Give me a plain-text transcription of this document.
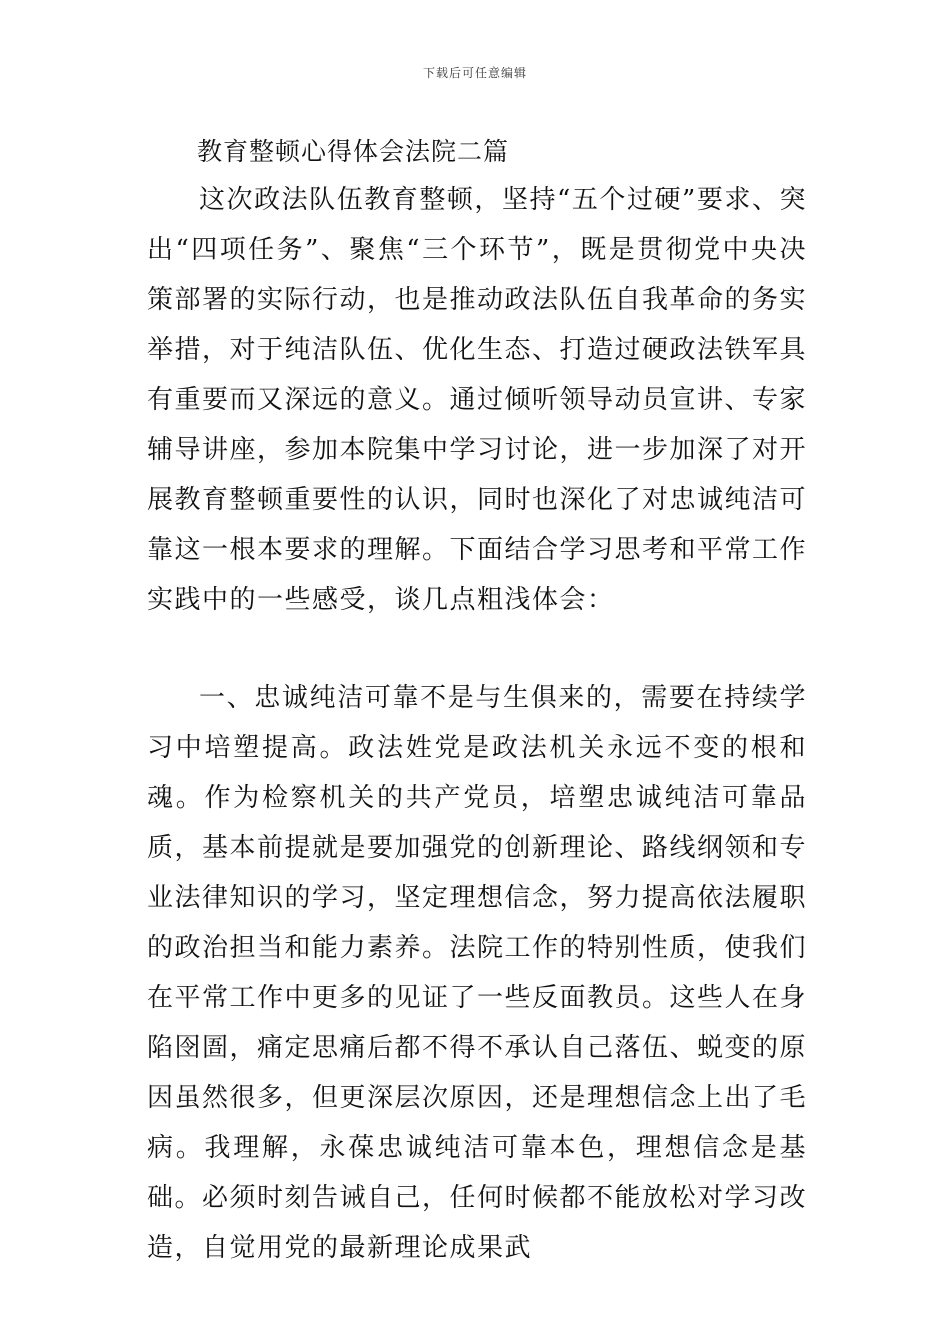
下载后可任意编辑
教育整顿心得体会法院二篇

这次政法队伍教育整顿，坚持“五个过硬”要求、突出“四项任务”、聚焦“三个环节”，既是贯彻党中央决策部署的实际行动，也是推动政法队伍自我革命的务实举措，对于纯洁队伍、优化生态、打造过硬政法铁军具有重要而又深远的意义。通过倾听领导动员宣讲、专家辅导讲座，参加本院集中学习讨论，进一步加深了对开展教育整顿重要性的认识，同时也深化了对忠诚纯洁可靠这一根本要求的理解。下面结合学习思考和平常工作实践中的一些感受，谈几点粗浅体会：

一、忠诚纯洁可靠不是与生俱来的，需要在持续学习中培塑提高。政法姓党是政法机关永远不变的根和魂。作为检察机关的共产党员，培塑忠诚纯洁可靠品质，基本前提就是要加强党的创新理论、路线纲领和专业法律知识的学习，坚定理想信念，努力提高依法履职的政治担当和能力素养。法院工作的特别性质，使我们在平常工作中更多的见证了一些反面教员。这些人在身陷囹圄，痛定思痛后都不得不承认自己落伍、蜕变的原因虽然很多，但更深层次原因，还是理想信念上出了毛病。我理解，永葆忠诚纯洁可靠本色，理想信念是基础。必须时刻告诫自己，任何时候都不能放松对学习改造，自觉用党的最新理论成果武
